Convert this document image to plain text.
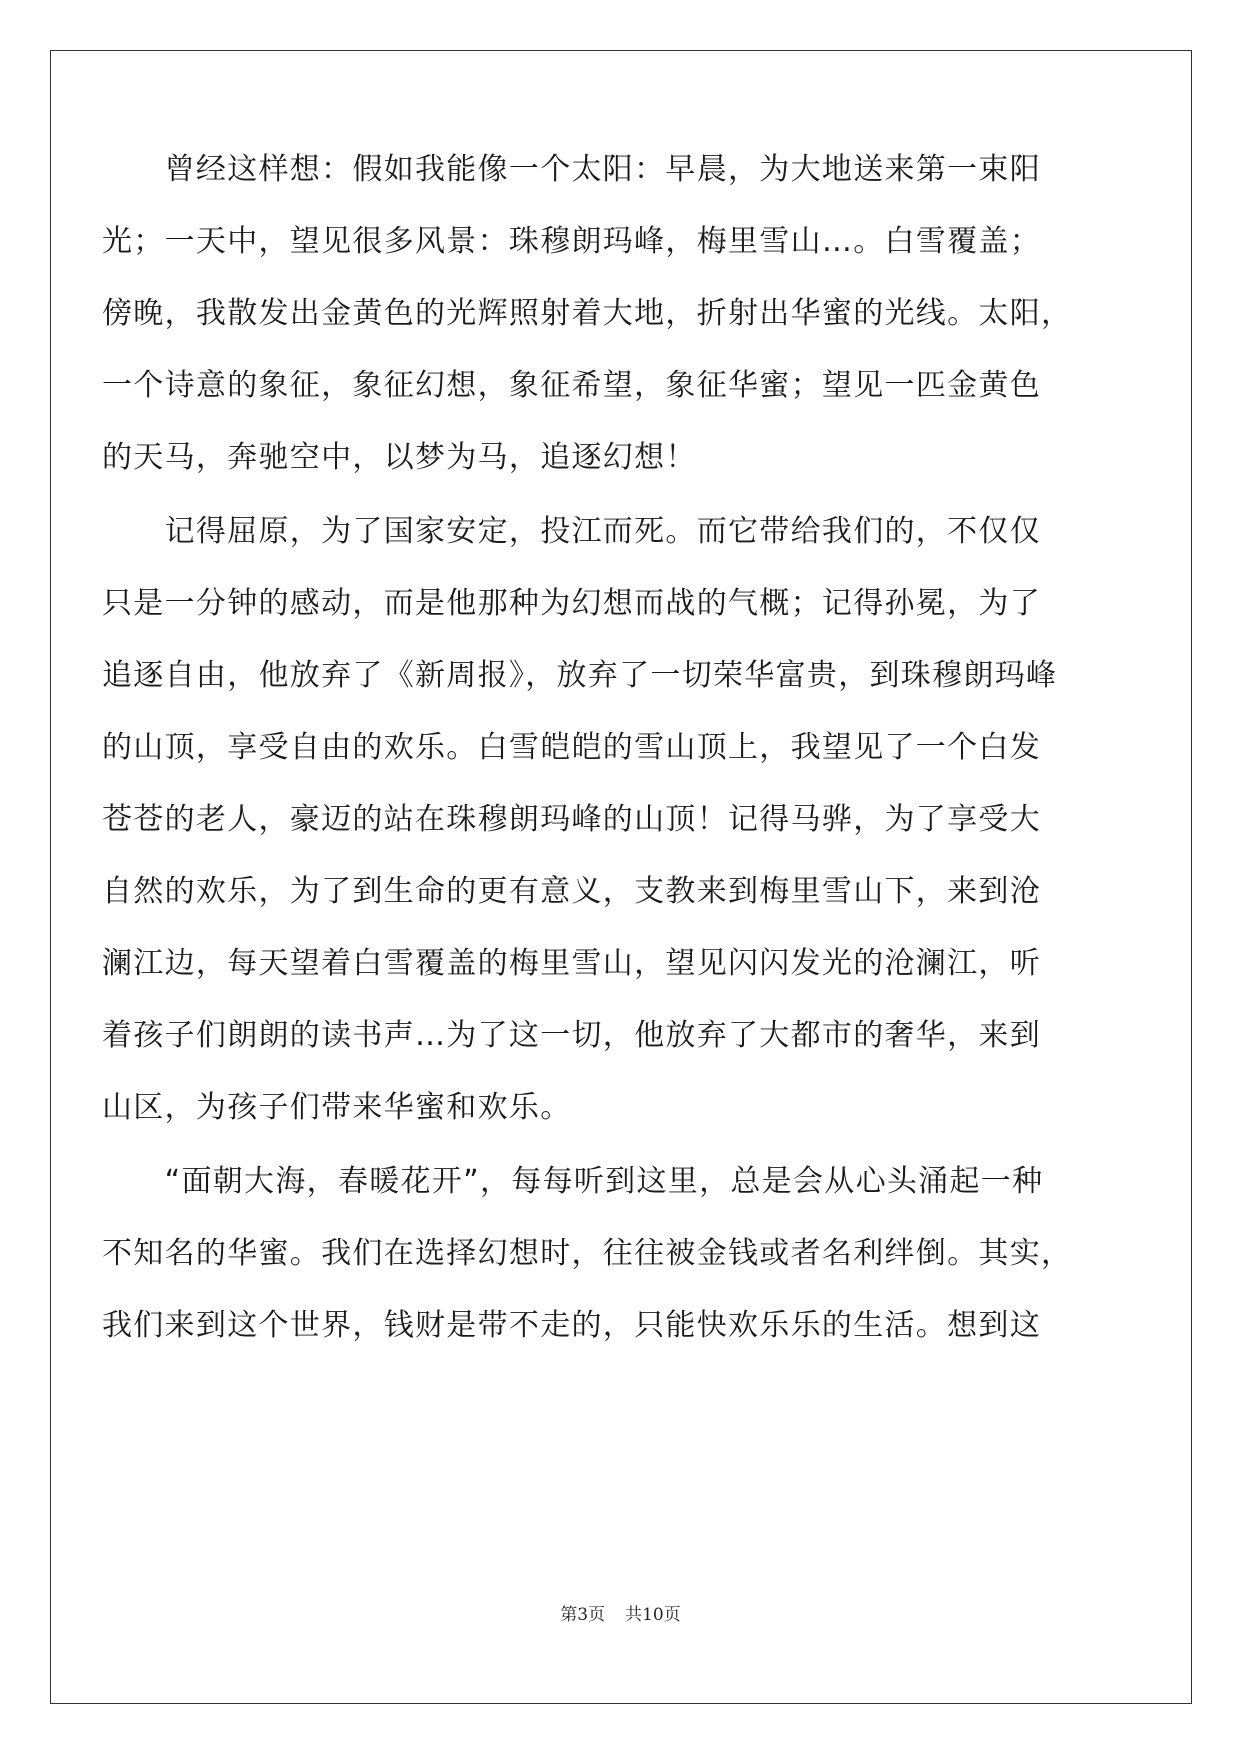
　　曾经这样想：假如我能像一个太阳：早晨，为大地送来第一束阳
光；一天中，望见很多风景：珠穆朗玛峰，梅里雪山…。白雪覆盖；
傍晚，我散发出金黄色的光辉照射着大地，折射出华蜜的光线。太阳，
一个诗意的象征，象征幻想，象征希望，象征华蜜；望见一匹金黄色
的天马，奔驰空中，以梦为马，追逐幻想！
　　记得屈原，为了国家安定，投江而死。而它带给我们的，不仅仅
只是一分钟的感动，而是他那种为幻想而战的气概；记得孙冕，为了
追逐自由，他放弃了《新周报》，放弃了一切荣华富贵，到珠穆朗玛峰
的山顶，享受自由的欢乐。白雪皑皑的雪山顶上，我望见了一个白发
苍苍的老人，豪迈的站在珠穆朗玛峰的山顶！记得马骅，为了享受大
自然的欢乐，为了到生命的更有意义，支教来到梅里雪山下，来到沧
澜江边，每天望着白雪覆盖的梅里雪山，望见闪闪发光的沧澜江，听
着孩子们朗朗的读书声…为了这一切，他放弃了大都市的奢华，来到
山区，为孩子们带来华蜜和欢乐。
　　“面朝大海，春暖花开”，每每听到这里，总是会从心头涌起一种
不知名的华蜜。我们在选择幻想时，往往被金钱或者名利绊倒。其实，
我们来到这个世界，钱财是带不走的，只能快欢乐乐的生活。想到这
第3页 共10页
